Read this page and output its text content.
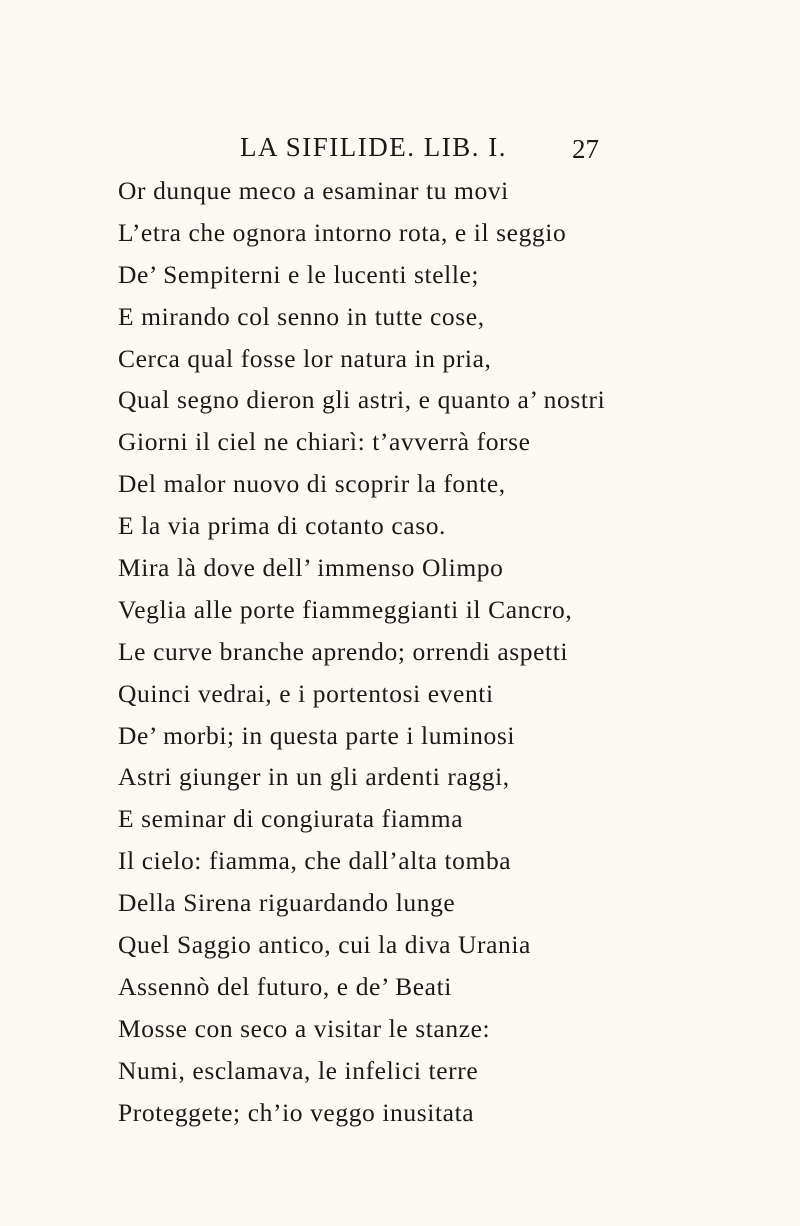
LA SIFILIDE. LIB. I. 27
Or dunque meco a esaminar tu movi
L’etra che ognora intorno rota, e il seggio
De’ Sempiterni e le lucenti stelle;
E mirando col senno in tutte cose,
Cerca qual fosse lor natura in pria,
Qual segno dieron gli astri, e quanto a’ nostri
Giorni il ciel ne chiarì: t’avverrà forse
Del malor nuovo di scoprir la fonte,
E la via prima di cotanto caso.
Mira là dove dell’ immenso Olimpo
Veglia alle porte fiammeggianti il Cancro,
Le curve branche aprendo; orrendi aspetti
Quinci vedrai, e i portentosi eventi
De’ morbi; in questa parte i luminosi
Astri giunger in un gli ardenti raggi,
E seminar di congiurata fiamma
Il cielo: fiamma, che dall’alta tomba
Della Sirena riguardando lunge
Quel Saggio antico, cui la diva Urania
Assennò del futuro, e de’ Beati
Mosse con seco a visitar le stanze:
Numi, esclamava, le infelici terre
Proteggete; ch’io veggo inusitata
